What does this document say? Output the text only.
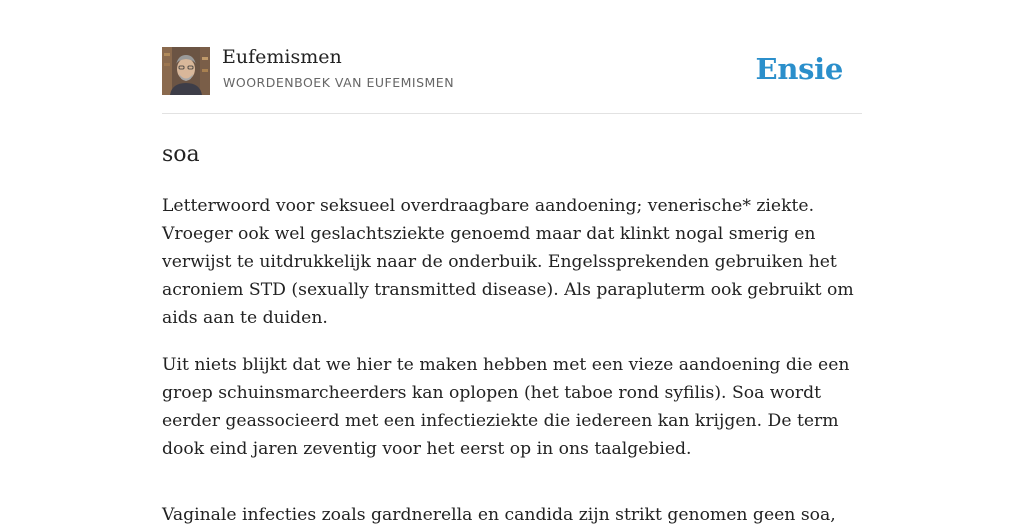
Eufemismen
WOORDENBOEK VAN EUFEMISMEN	Ensie
soa

Letterwoord voor seksueel overdraagbare aandoening; venerische* ziekte. Vroeger ook wel geslachtsziekte genoemd maar dat klinkt nogal smerig en verwijst te uitdrukkelijk naar de onderbuik. Engelssprekenden gebruiken het acroniem STD (sexually transmitted disease). Als parapluterm ook gebruikt om aids aan te duiden.

Uit niets blijkt dat we hier te maken hebben met een vieze aandoening die een groep schuinsmarcheerders kan oplopen (het taboe rond syfilis). Soa wordt eerder geassocieerd met een infectieziekte die iedereen kan krijgen. De term dook eind jaren zeventig voor het eerst op in ons taalgebied.

Vaginale infecties zoals gardnerella en candida zijn strikt genomen geen soa,
